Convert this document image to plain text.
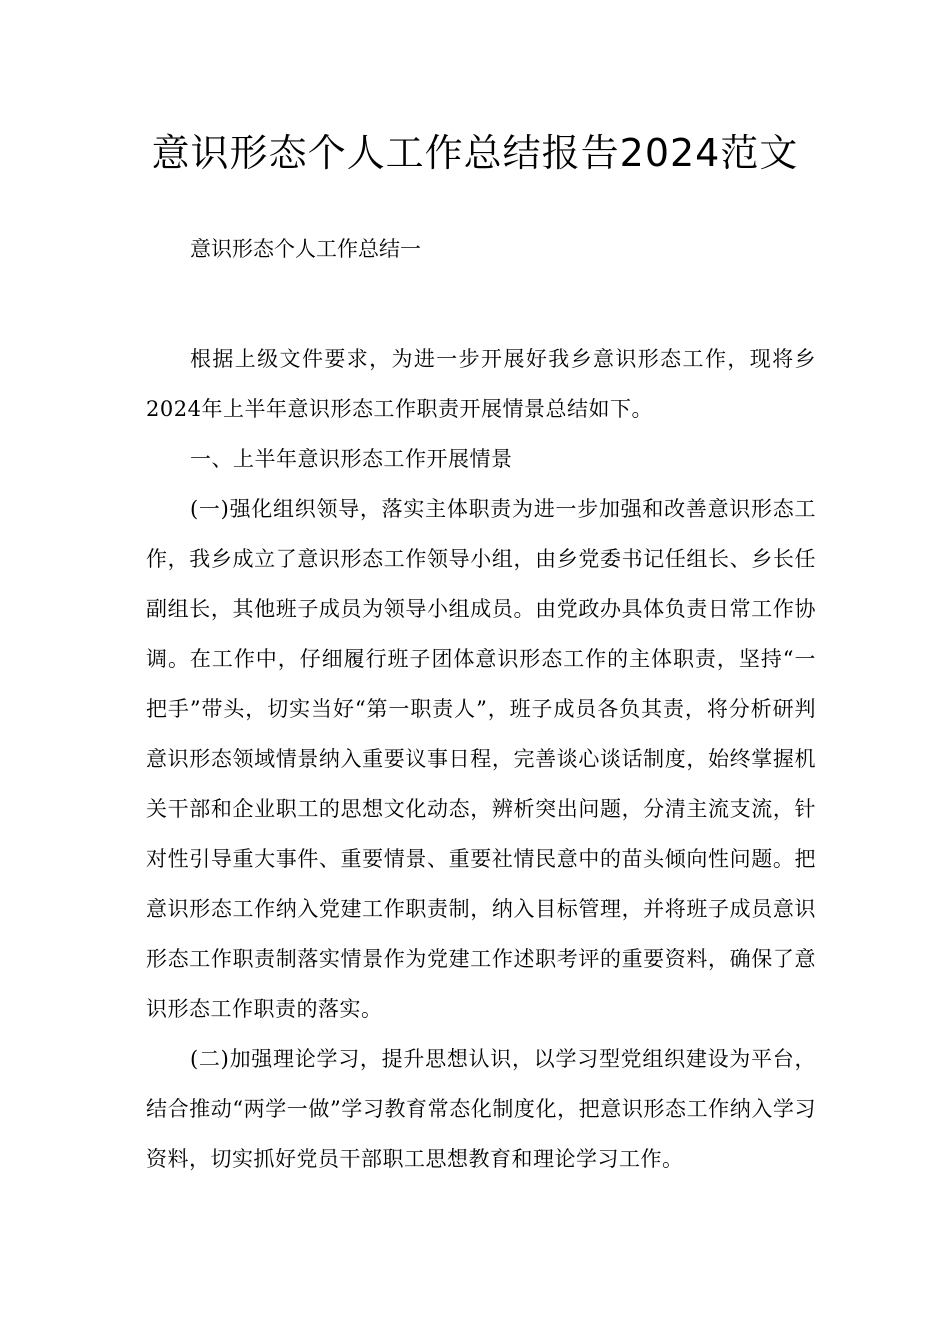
意识形态个人工作总结报告2024范文

意识形态个人工作总结一

根据上级文件要求，为进一步开展好我乡意识形态工作，现将乡2024年上半年意识形态工作职责开展情景总结如下。

一、上半年意识形态工作开展情景

(一)强化组织领导，落实主体职责为进一步加强和改善意识形态工作，我乡成立了意识形态工作领导小组，由乡党委书记任组长、乡长任副组长，其他班子成员为领导小组成员。由党政办具体负责日常工作协调。在工作中，仔细履行班子团体意识形态工作的主体职责，坚持“一把手”带头，切实当好“第一职责人”，班子成员各负其责，将分析研判意识形态领域情景纳入重要议事日程，完善谈心谈话制度，始终掌握机关干部和企业职工的思想文化动态，辨析突出问题，分清主流支流，针对性引导重大事件、重要情景、重要社情民意中的苗头倾向性问题。把意识形态工作纳入党建工作职责制，纳入目标管理，并将班子成员意识形态工作职责制落实情景作为党建工作述职考评的重要资料，确保了意识形态工作职责的落实。

(二)加强理论学习，提升思想认识，以学习型党组织建设为平台，结合推动“两学一做”学习教育常态化制度化，把意识形态工作纳入学习资料，切实抓好党员干部职工思想教育和理论学习工作。
